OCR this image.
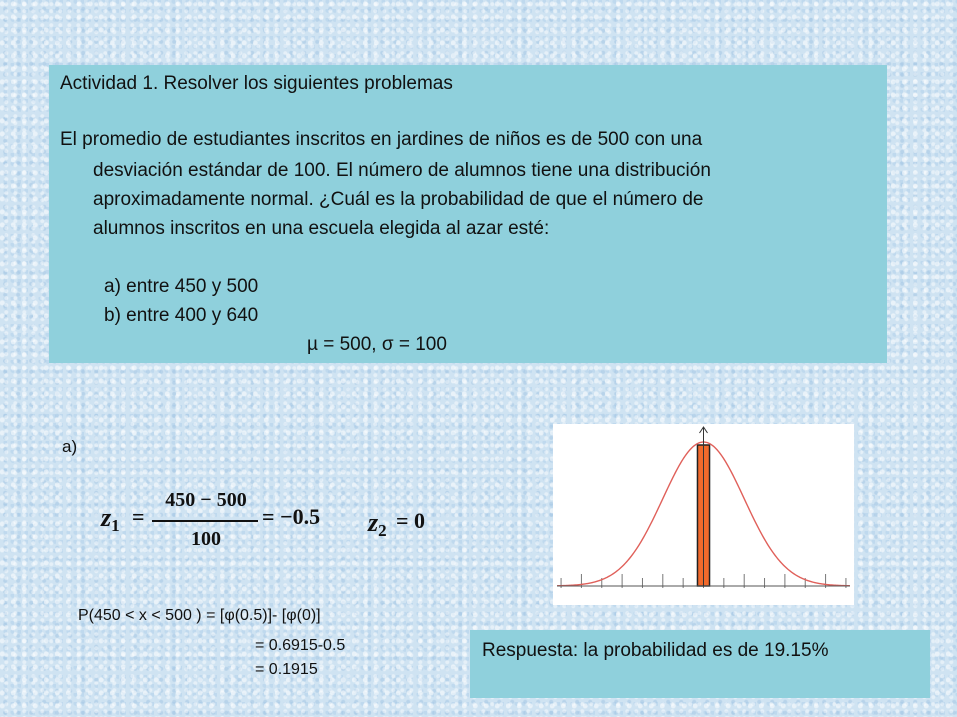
Actividad 1. Resolver los siguientes problemas
El promedio de estudiantes inscritos en jardines de niños es de 500 con una
desviación estándar de 100. El número de alumnos tiene una distribución
aproximadamente normal. ¿Cuál es la probabilidad de que el número de
alumnos inscritos en una escuela elegida al azar esté:
a) entre 450 y 500
b) entre 400 y 640
µ = 500, σ = 100
a)
z1 =
450 − 500
100
= −0.5 z2 = 0
P(450 < x < 500 ) = [φ(0.5)]- [φ(0)]
= 0.6915-0.5
= 0.1915
Respuesta: la probabilidad es de 19.15%
